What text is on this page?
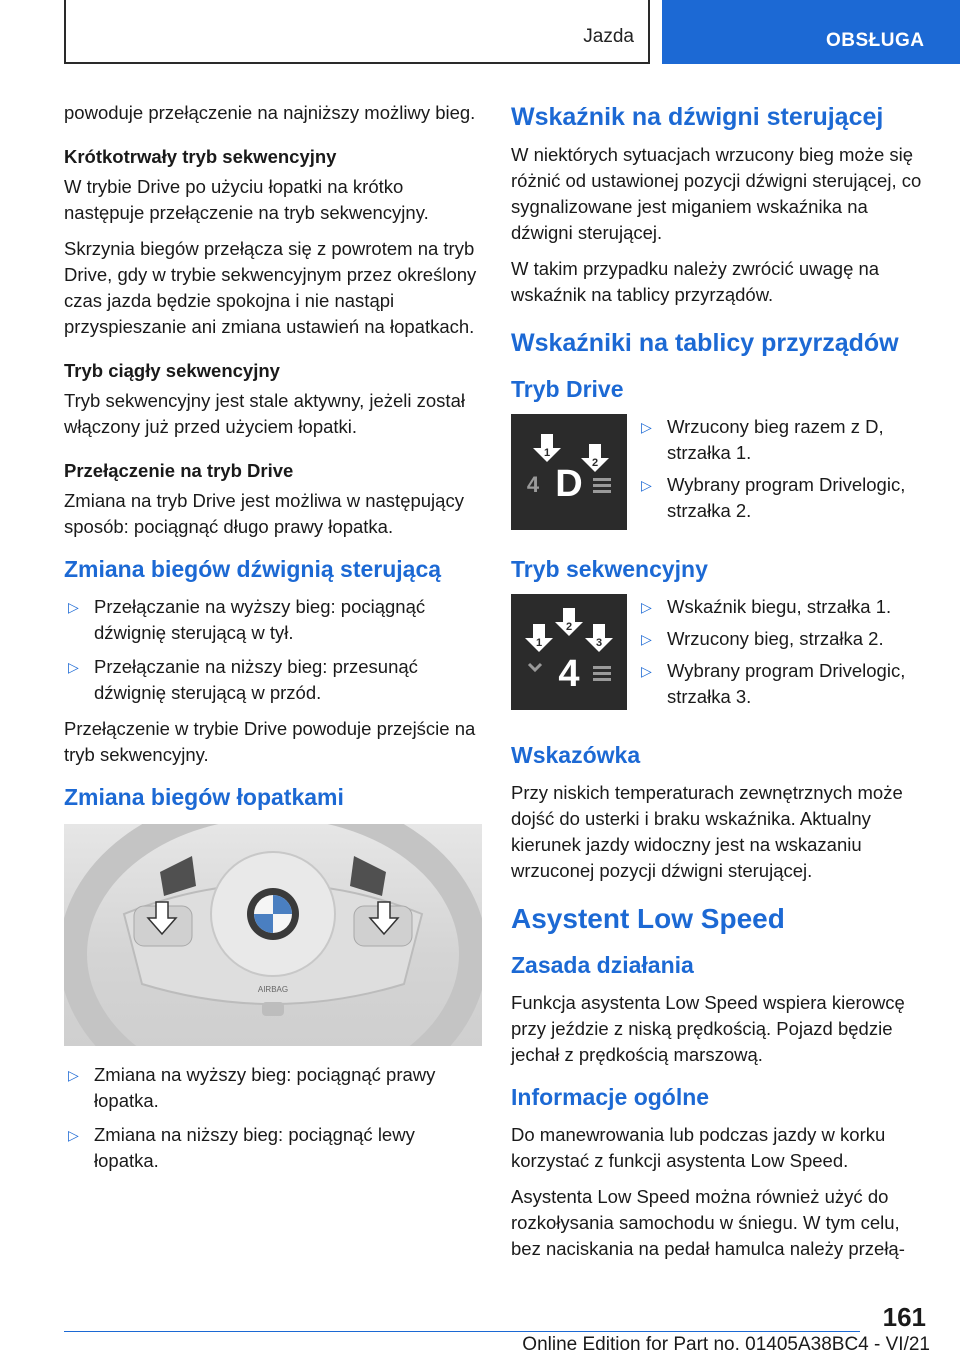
Jazda	OBSŁUGA

powoduje przełączenie na najniższy możliwy bieg.

Krótkotrwały tryb sekwencyjny

W trybie Drive po użyciu łopatki na krótko następuje przełączenie na tryb sekwencyjny.

Skrzynia biegów przełącza się z powrotem na tryb Drive, gdy w trybie sekwencyjnym przez określony czas jazda będzie spokojna i nie nastąpi przyspieszanie ani zmiana ustawień na łopatkach.

Tryb ciągły sekwencyjny

Tryb sekwencyjny jest stale aktywny, jeżeli został włączony już przed użyciem łopatki.

Przełączenie na tryb Drive

Zmiana na tryb Drive jest możliwa w następujący sposób: pociągnąć długo prawy łopatka.

Zmiana biegów dźwignią sterującą
▷ Przełączanie na wyższy bieg: pociągnąć dźwignię sterującą w tył.
▷ Przełączanie na niższy bieg: przesunąć dźwignię sterującą w przód.

Przełączenie w trybie Drive powoduje przejście na tryb sekwencyjny.

Zmiana biegów łopatkami
AIRBAG
▷ Zmiana na wyższy bieg: pociągnąć prawy łopatka.
▷ Zmiana na niższy bieg: pociągnąć lewy łopatka.
Wskaźnik na dźwigni sterującej

W niektórych sytuacjach wrzucony bieg może się różnić od ustawionej pozycji dźwigni sterującej, co sygnalizowane jest miganiem wskaźnika na dźwigni sterującej.

W takim przypadku należy zwrócić uwagę na wskaźnik na tablicy przyrządów.

Wskaźniki na tablicy przyrządów
Tryb Drive
1
2
4 D
▷ Wrzucony bieg razem z D, strzałka 1.
▷ Wybrany program Drivelogic, strzałka 2.
Tryb sekwencyjny
1
2
3
4
▷ Wskaźnik biegu, strzałka 1.
▷ Wrzucony bieg, strzałka 2.
▷ Wybrany program Drivelogic, strzałka 3.
Wskazówka

Przy niskich temperaturach zewnętrznych może dojść do usterki i braku wskaźnika. Aktualny kierunek jazdy widoczny jest na wskazaniu wrzuconej pozycji dźwigni sterującej.

Asystent Low Speed
Zasada działania

Funkcja asystenta Low Speed wspiera kierowcę przy jeździe z niską prędkością. Pojazd będzie jechał z prędkością marszową.

Informacje ogólne

Do manewrowania lub podczas jazdy w korku korzystać z funkcji asystenta Low Speed.

Asystenta Low Speed można również użyć do rozkołysania samochodu w śniegu. W tym celu, bez naciskania na pedał hamulca należy przełą-

161
Online Edition for Part no. 01405A38BC4 - VI/21
